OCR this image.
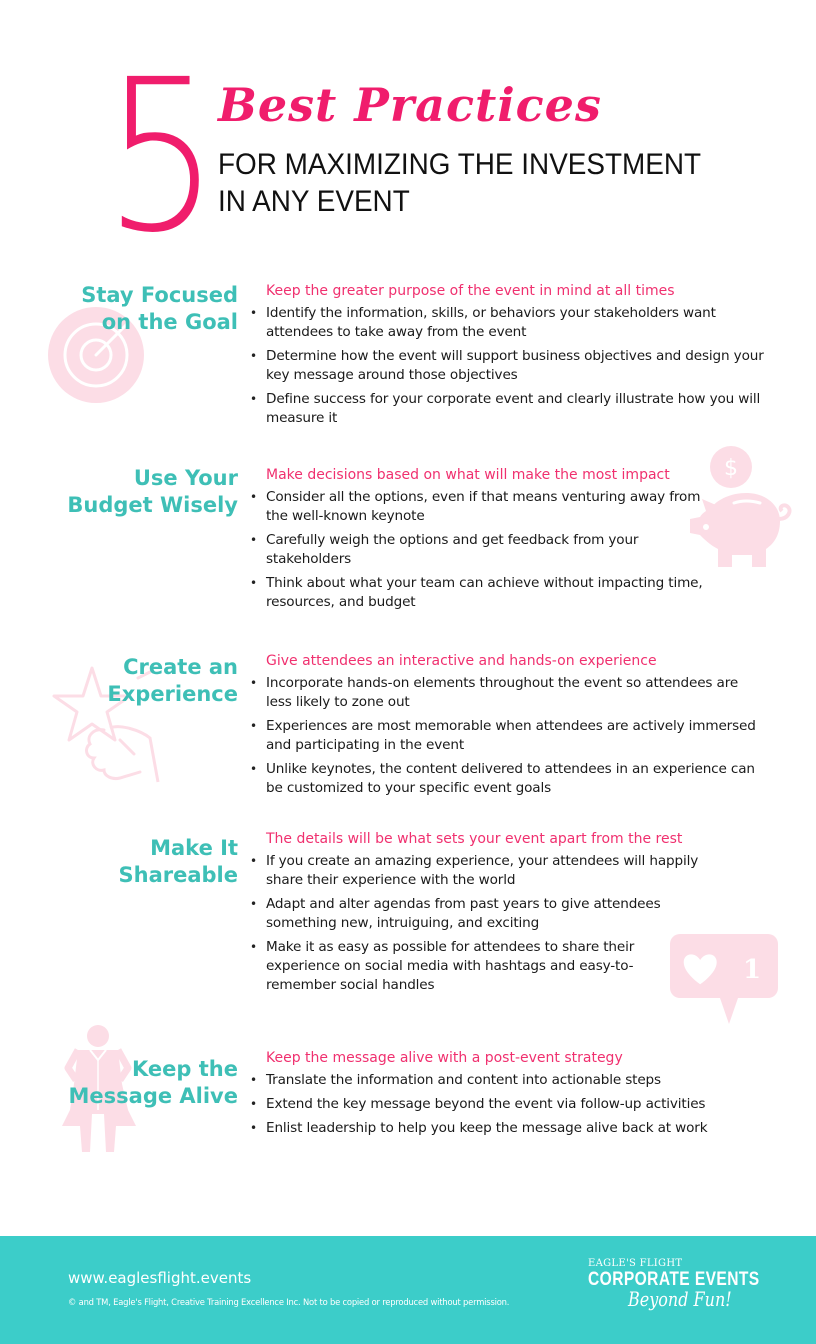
5 Best Practices
FOR MAXIMIZING THE INVESTMENT
IN ANY EVENT
Stay Focused
on the Goal
Keep the greater purpose of the event in mind at all times
• Identify the information, skills, or behaviors your stakeholders want attendees to take away from the event
• Determine how the event will support business objectives and design your key message around those objectives
• Define success for your corporate event and clearly illustrate how you will measure it
$
Use Your
Budget Wisely
Make decisions based on what will make the most impact
• Consider all the options, even if that means venturing away from the well-known keynote
• Carefully weigh the options and get feedback from your stakeholders
• Think about what your team can achieve without impacting time, resources, and budget
Create an
Experience
Give attendees an interactive and hands-on experience
• Incorporate hands-on elements throughout the event so attendees are less likely to zone out
• Experiences are most memorable when attendees are actively immersed and participating in the event
• Unlike keynotes, the content delivered to attendees in an experience can be customized to your specific event goals
1
Make It
Shareable
The details will be what sets your event apart from the rest
• If you create an amazing experience, your attendees will happily share their experience with the world
• Adapt and alter agendas from past years to give attendees something new, intruiguing, and exciting
• Make it as easy as possible for attendees to share their experience on social media with hashtags and easy-to-remember social handles
Keep the
Message Alive
Keep the message alive with a post-event strategy
• Translate the information and content into actionable steps
• Extend the key message beyond the event via follow-up activities
• Enlist leadership to help you keep the message alive back at work
www.eaglesflight.events
© and TM, Eagle's Flight, Creative Training Excellence Inc. Not to be copied or reproduced without permission.
EAGLE'S FLIGHT
CORPORATE EVENTS
Beyond Fun!
